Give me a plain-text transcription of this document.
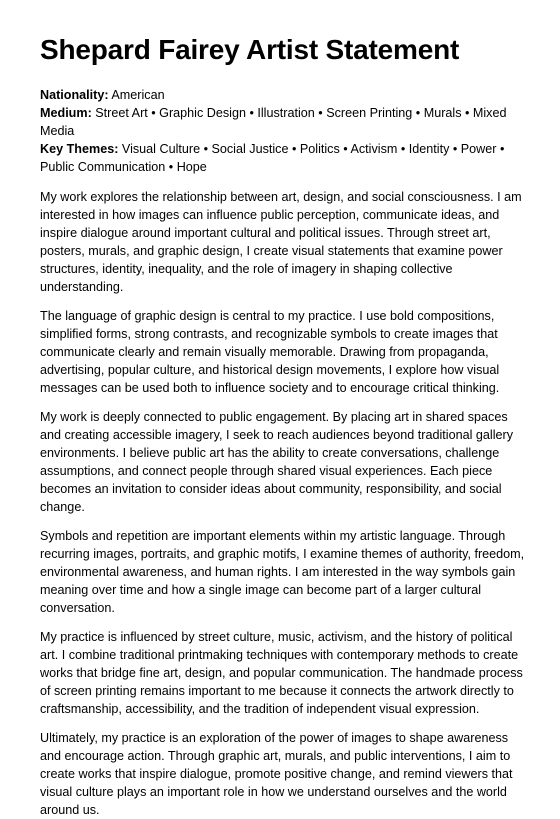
Shepard Fairey Artist Statement
Nationality: American
Medium: Street Art • Graphic Design • Illustration • Screen Printing • Murals • Mixed Media
Key Themes: Visual Culture • Social Justice • Politics • Activism • Identity • Power • Public Communication • Hope

My work explores the relationship between art, design, and social consciousness. I am interested in how images can influence public perception, communicate ideas, and inspire dialogue around important cultural and political issues. Through street art, posters, murals, and graphic design, I create visual statements that examine power structures, identity, inequality, and the role of imagery in shaping collective understanding.

The language of graphic design is central to my practice. I use bold compositions, simplified forms, strong contrasts, and recognizable symbols to create images that communicate clearly and remain visually memorable. Drawing from propaganda, advertising, popular culture, and historical design movements, I explore how visual messages can be used both to influence society and to encourage critical thinking.

My work is deeply connected to public engagement. By placing art in shared spaces and creating accessible imagery, I seek to reach audiences beyond traditional gallery environments. I believe public art has the ability to create conversations, challenge assumptions, and connect people through shared visual experiences. Each piece becomes an invitation to consider ideas about community, responsibility, and social change.

Symbols and repetition are important elements within my artistic language. Through recurring images, portraits, and graphic motifs, I examine themes of authority, freedom, environmental awareness, and human rights. I am interested in the way symbols gain meaning over time and how a single image can become part of a larger cultural conversation.

My practice is influenced by street culture, music, activism, and the history of political art. I combine traditional printmaking techniques with contemporary methods to create works that bridge fine art, design, and popular communication. The handmade process of screen printing remains important to me because it connects the artwork directly to craftsmanship, accessibility, and the tradition of independent visual expression.

Ultimately, my practice is an exploration of the power of images to shape awareness and encourage action. Through graphic art, murals, and public interventions, I aim to create works that inspire dialogue, promote positive change, and remind viewers that visual culture plays an important role in how we understand ourselves and the world around us.
